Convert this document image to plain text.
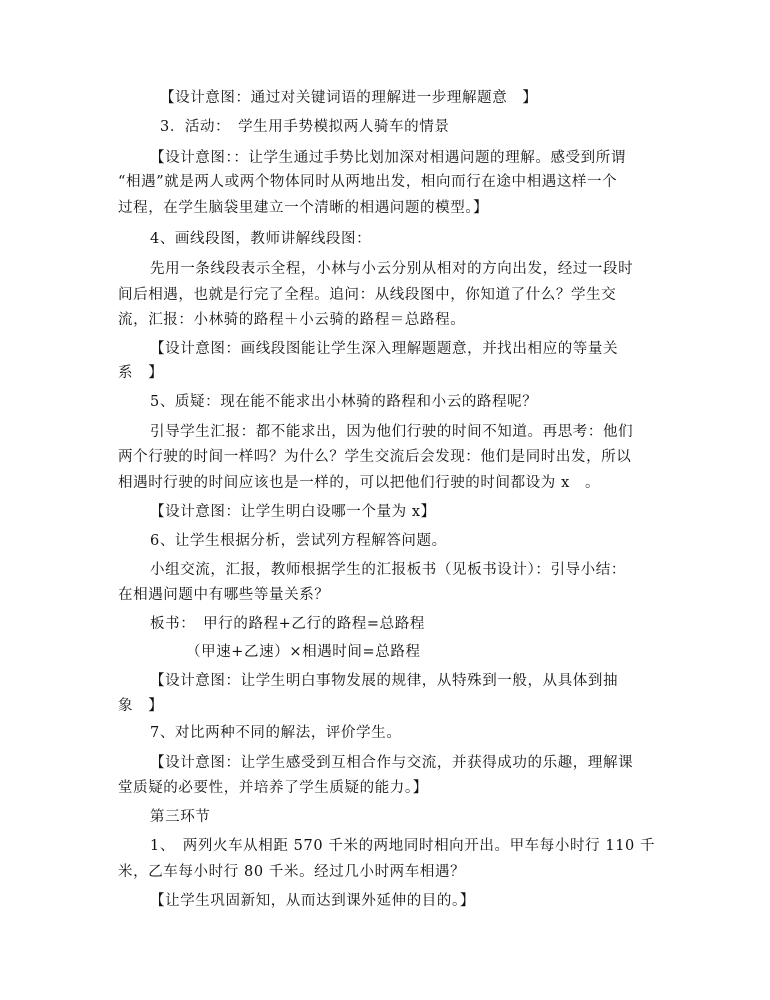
【设计意图：通过对关键词语的理解进一步理解题意　】
3．活动：　学生用手势模拟两人骑车的情景
【设计意图：：让学生通过手势比划加深对相遇问题的理解。感受到所谓
“相遇”就是两人或两个物体同时从两地出发，相向而行在途中相遇这样一个
过程，在学生脑袋里建立一个清晰的相遇问题的模型。】
4、画线段图，教师讲解线段图：
先用一条线段表示全程，小林与小云分别从相对的方向出发，经过一段时
间后相遇，也就是行完了全程。追问：从线段图中，你知道了什么？学生交
流，汇报：小林骑的路程＋小云骑的路程＝总路程。
【设计意图：画线段图能让学生深入理解题题意，并找出相应的等量关
系　】
5、质疑：现在能不能求出小林骑的路程和小云的路程呢？
引导学生汇报：都不能求出，因为他们行驶的时间不知道。再思考：他们
两个行驶的时间一样吗？为什么？学生交流后会发现：他们是同时出发，所以
相遇时行驶的时间应该也是一样的，可以把他们行驶的时间都设为 x　。
【设计意图：让学生明白设哪一个量为 x】
6、让学生根据分析，尝试列方程解答问题。
小组交流，汇报，教师根据学生的汇报板书（见板书设计）：引导小结：
在相遇问题中有哪些等量关系？
板书：　甲行的路程+乙行的路程=总路程
（甲速+乙速）×相遇时间=总路程
【设计意图：让学生明白事物发展的规律，从特殊到一般，从具体到抽
象　】
7、对比两种不同的解法，评价学生。
【设计意图：让学生感受到互相合作与交流，并获得成功的乐趣，理解课
堂质疑的必要性，并培养了学生质疑的能力。】
第三环节
1、　两列火车从相距 570 千米的两地同时相向开出。甲车每小时行 110 千
米，乙车每小时行 80 千米。经过几小时两车相遇？
【让学生巩固新知，从而达到课外延伸的目的。】
